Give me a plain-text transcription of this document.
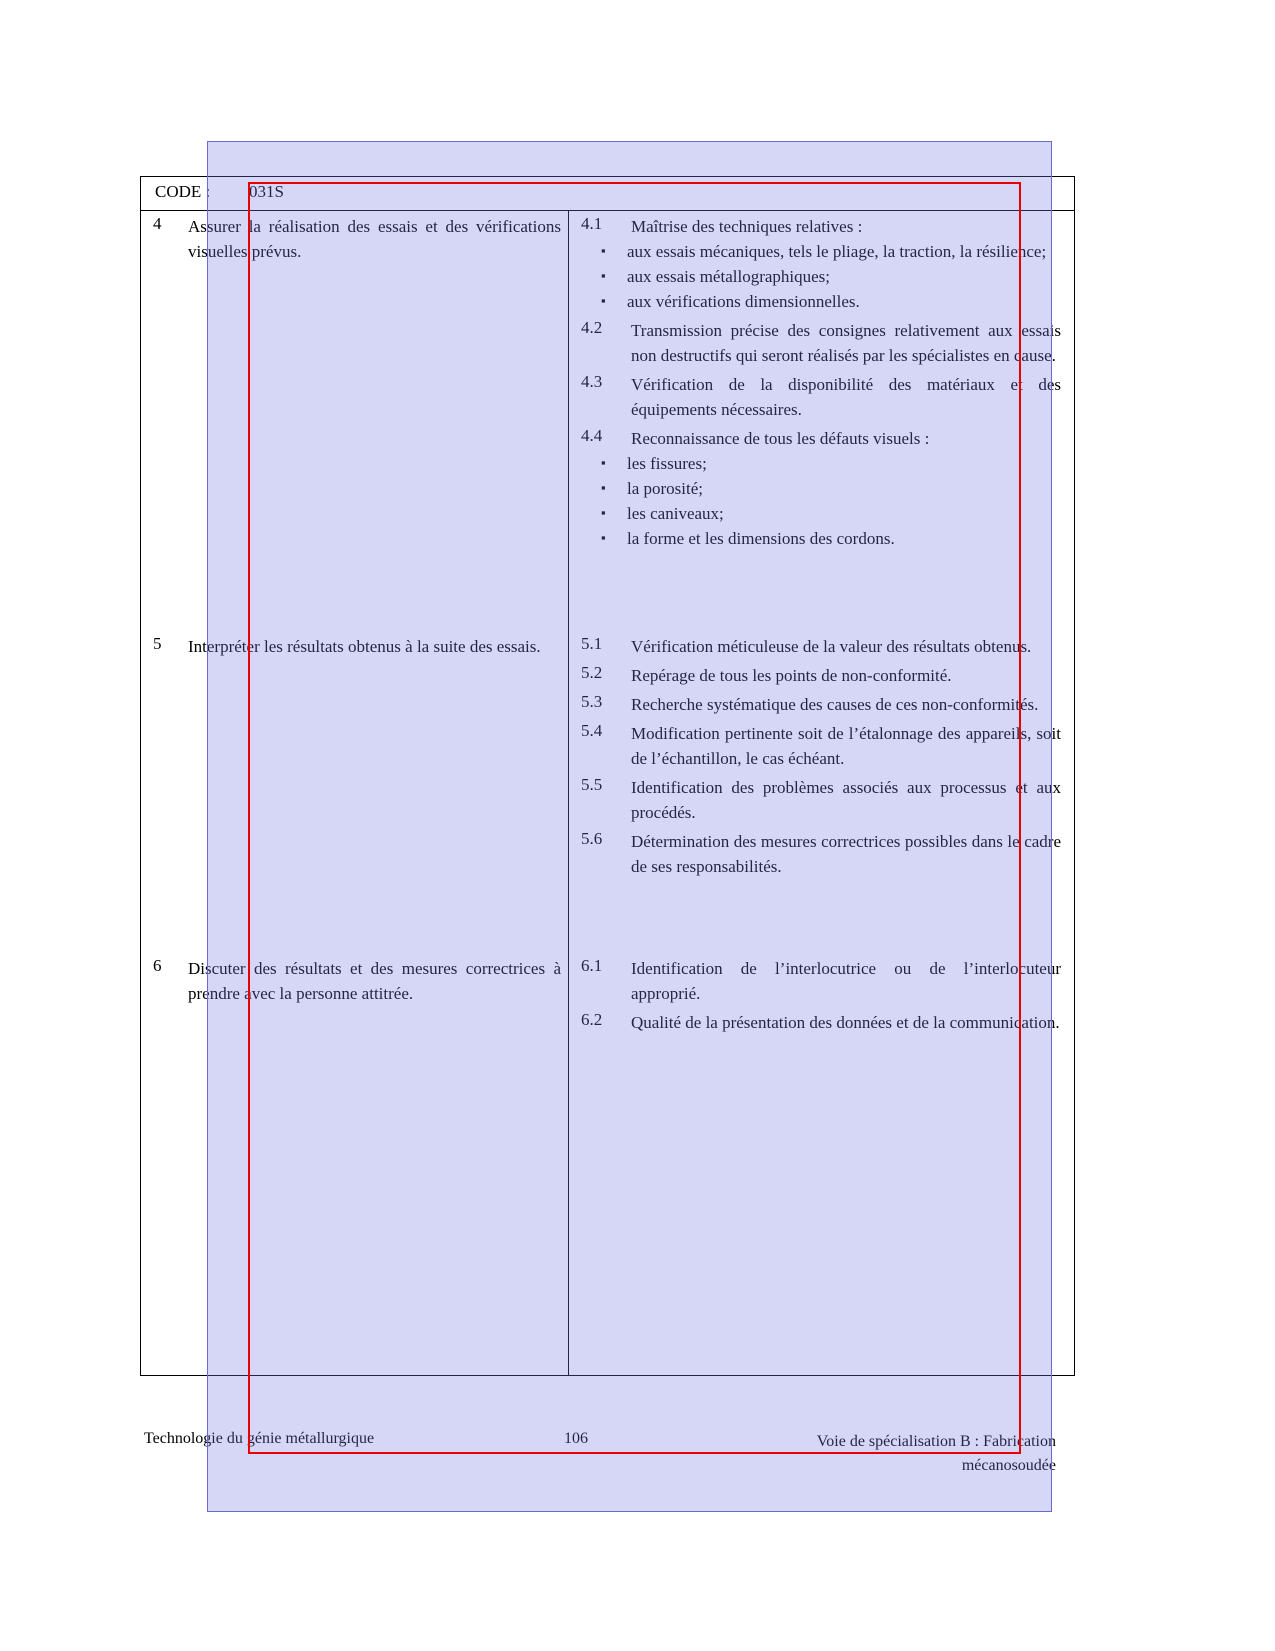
CODE : 031S
4 Assurer la réalisation des essais et des vérifications visuelles prévus.
4.1 Maîtrise des techniques relatives :
▪ aux essais mécaniques, tels le pliage, la traction, la résilience;
▪ aux essais métallographiques;
▪ aux vérifications dimensionnelles.
4.2 Transmission précise des consignes relativement aux essais non destructifs qui seront réalisés par les spécialistes en cause.
4.3 Vérification de la disponibilité des matériaux et des équipements nécessaires.
4.4 Reconnaissance de tous les défauts visuels :
▪ les fissures;
▪ la porosité;
▪ les caniveaux;
▪ la forme et les dimensions des cordons.
5 Interpréter les résultats obtenus à la suite des essais.	5.1 Vérification méticuleuse de la valeur des résultats obtenus.
5.2 Repérage de tous les points de non-conformité.
5.3 Recherche systématique des causes de ces non-conformités.
5.4 Modification pertinente soit de l’étalonnage des appareils, soit de l’échantillon, le cas échéant.
5.5 Identification des problèmes associés aux processus et aux procédés.
5.6 Détermination des mesures correctrices possibles dans le cadre de ses responsabilités.
6 Discuter des résultats et des mesures correctrices à prendre avec la personne attitrée.
6.1 Identification de l’interlocutrice ou de l’interlocuteur approprié.
6.2 Qualité de la présentation des données et de la communication.
Technologie du génie métallurgique	106	Voie de spécialisation B : Fabrication mécanosoudée
